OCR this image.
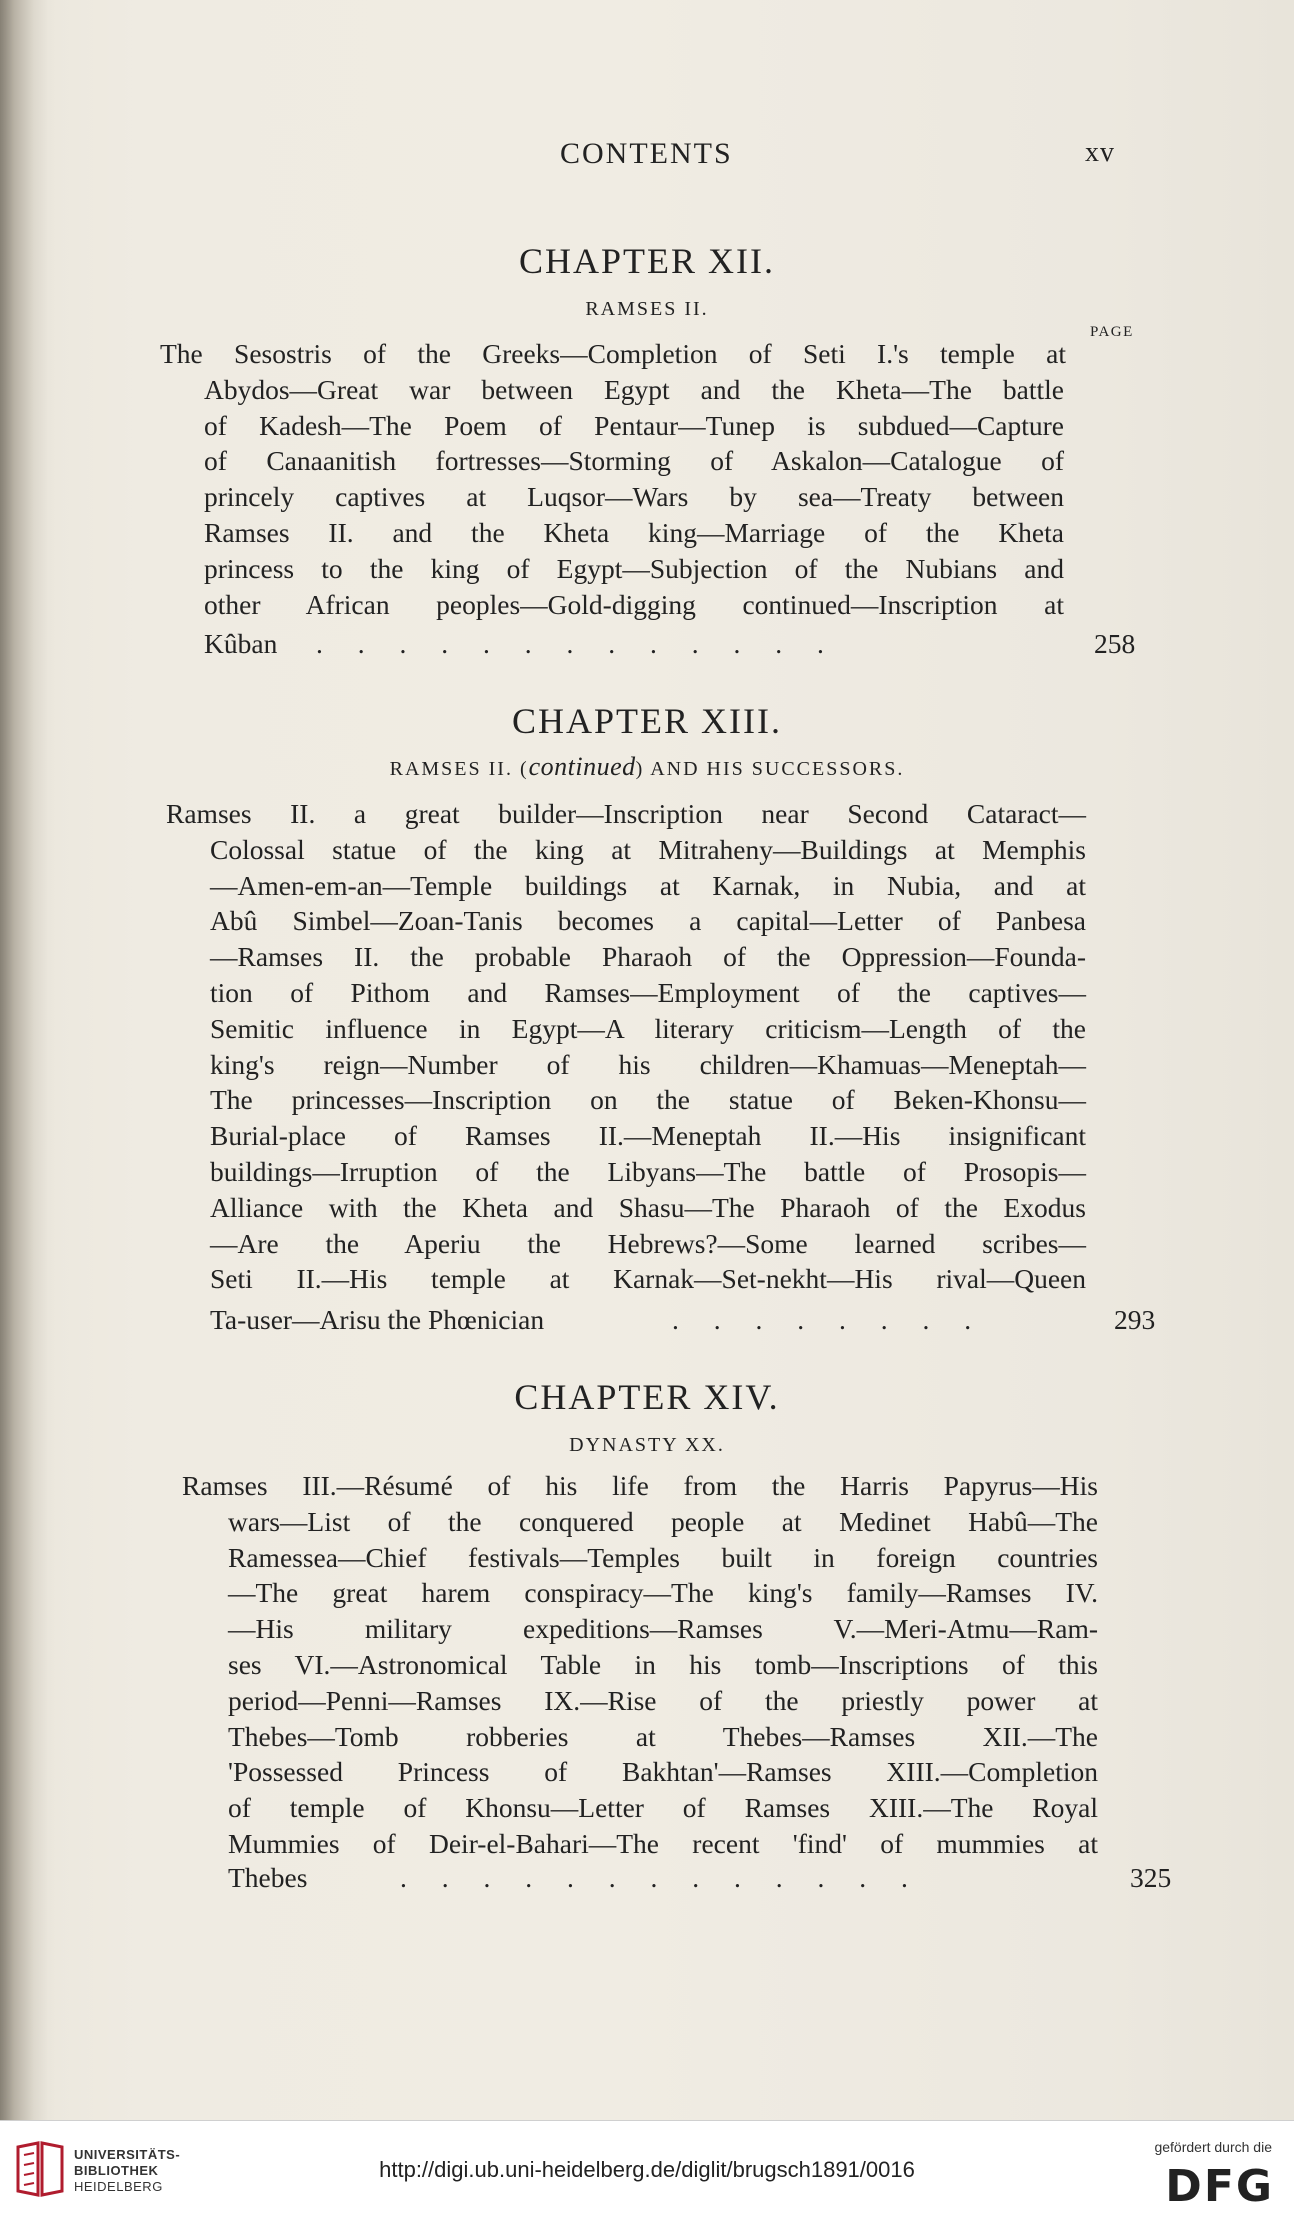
CONTENTS	xv
CHAPTER XII.
RAMSES II.
PAGE

The Sesostris of the Greeks—Completion of Seti I.'s temple at

Abydos—Great war between Egypt and the Kheta—The battle

of Kadesh—The Poem of Pentaur—Tunep is subdued—Capture

of Canaanitish fortresses—Storming of Askalon—Catalogue of

princely captives at Luqsor—Wars by sea—Treaty between

Ramses II. and the Kheta king—Marriage of the Kheta

princess to the king of Egypt—Subjection of the Nubians and

other African peoples—Gold-digging continued—Inscription at

Kûban . . . . . . . . . . . . .	258
CHAPTER XIII.
RAMSES II. (continued) AND HIS SUCCESSORS.

Ramses II. a great builder—Inscription near Second Cataract—

Colossal statue of the king at Mitraheny—Buildings at Memphis

—Amen-em-an—Temple buildings at Karnak, in Nubia, and at

Abû Simbel—Zoan-Tanis becomes a capital—Letter of Panbesa

—Ramses II. the probable Pharaoh of the Oppression—Founda-

tion of Pithom and Ramses—Employment of the captives—

Semitic influence in Egypt—A literary criticism—Length of the

king's reign—Number of his children—Khamuas—Meneptah—

The princesses—Inscription on the statue of Beken-Khonsu—

Burial-place of Ramses II.—Meneptah II.—His insignificant

buildings—Irruption of the Libyans—The battle of Prosopis—

Alliance with the Kheta and Shasu—The Pharaoh of the Exodus

—Are the Aperiu the Hebrews?—Some learned scribes—

Seti II.—His temple at Karnak—Set-nekht—His rival—Queen

Ta-user—Arisu the Phœnician	. . . . . . . .	293
CHAPTER XIV.
DYNASTY XX.

Ramses III.—Résumé of his life from the Harris Papyrus—His

wars—List of the conquered people at Medinet Habû—The

Ramessea—Chief festivals—Temples built in foreign countries

—The great harem conspiracy—The king's family—Ramses IV.

—His military expeditions—Ramses V.—Meri-Atmu—Ram-

ses VI.—Astronomical Table in his tomb—Inscriptions of this

period—Penni—Ramses IX.—Rise of the priestly power at

Thebes—Tomb robberies at Thebes—Ramses XII.—The

'Possessed Princess of Bakhtan'—Ramses XIII.—Completion

of temple of Khonsu—Letter of Ramses XIII.—The Royal

Mummies of Deir-el-Bahari—The recent 'find' of mummies at

Thebes	. . . . . . . . . . . . .	325
UNIVERSITÄTS-
BIBLIOTHEK
HEIDELBERG
http://digi.ub.uni-heidelberg.de/diglit/brugsch1891/0016
gefördert durch die
DFG
